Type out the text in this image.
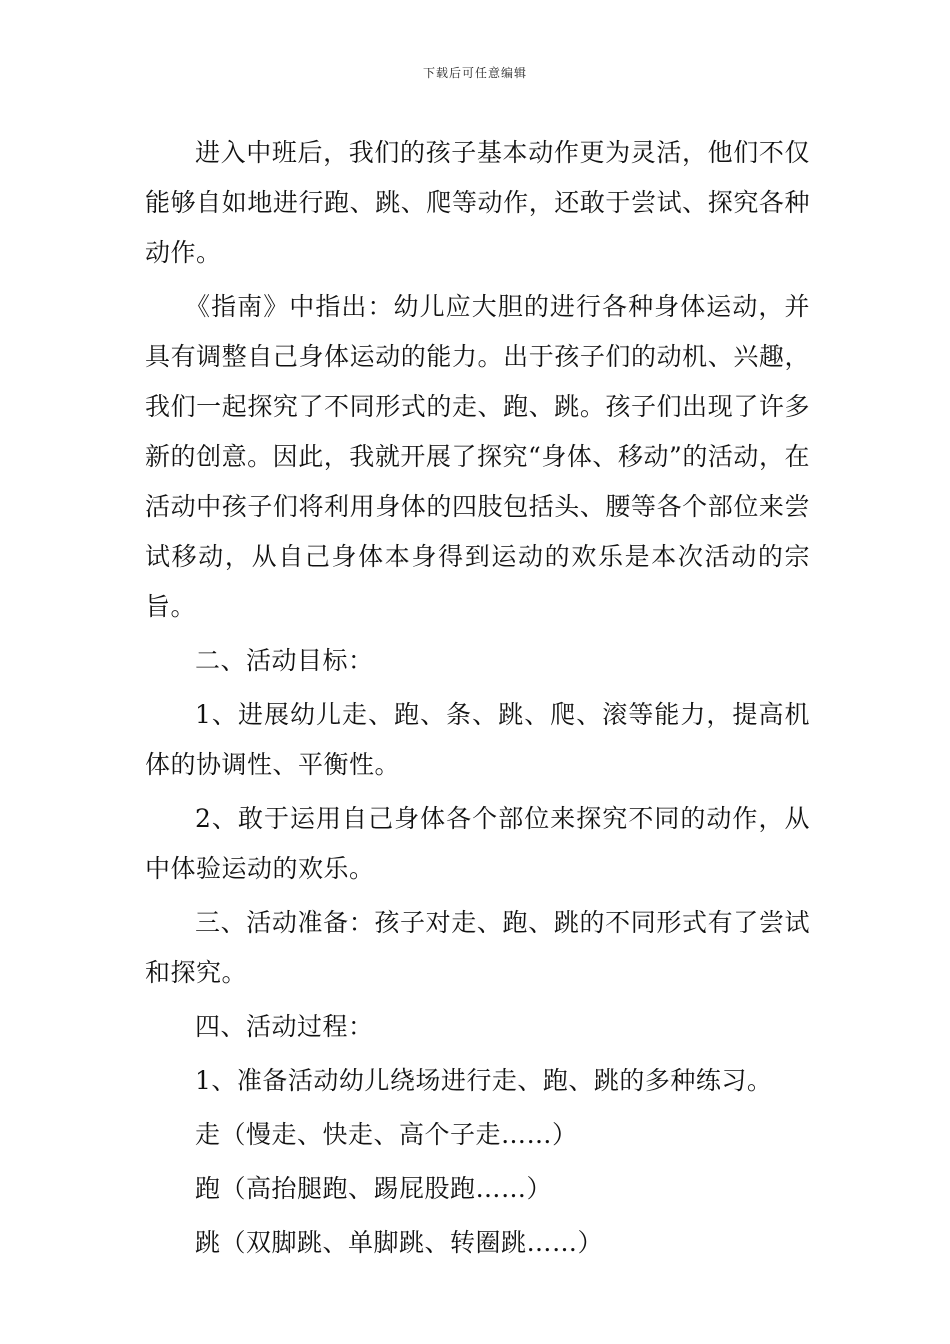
下载后可任意编辑

进入中班后，我们的孩子基本动作更为灵活，他们不仅能够自如地进行跑、跳、爬等动作，还敢于尝试、探究各种动作。

《指南》中指出：幼儿应大胆的进行各种身体运动，并具有调整自己身体运动的能力。出于孩子们的动机、兴趣，我们一起探究了不同形式的走、跑、跳。孩子们出现了许多新的创意。因此，我就开展了探究“身体、移动”的活动，在活动中孩子们将利用身体的四肢包括头、腰等各个部位来尝试移动，从自己身体本身得到运动的欢乐是本次活动的宗旨。

二、活动目标：

1、进展幼儿走、跑、条、跳、爬、滚等能力，提高机体的协调性、平衡性。

2、敢于运用自己身体各个部位来探究不同的动作，从中体验运动的欢乐。

三、活动准备：孩子对走、跑、跳的不同形式有了尝试和探究。

四、活动过程：

1、准备活动幼儿绕场进行走、跑、跳的多种练习。

走（慢走、快走、高个子走……）

跑（高抬腿跑、踢屁股跑……）

跳（双脚跳、单脚跳、转圈跳……）
